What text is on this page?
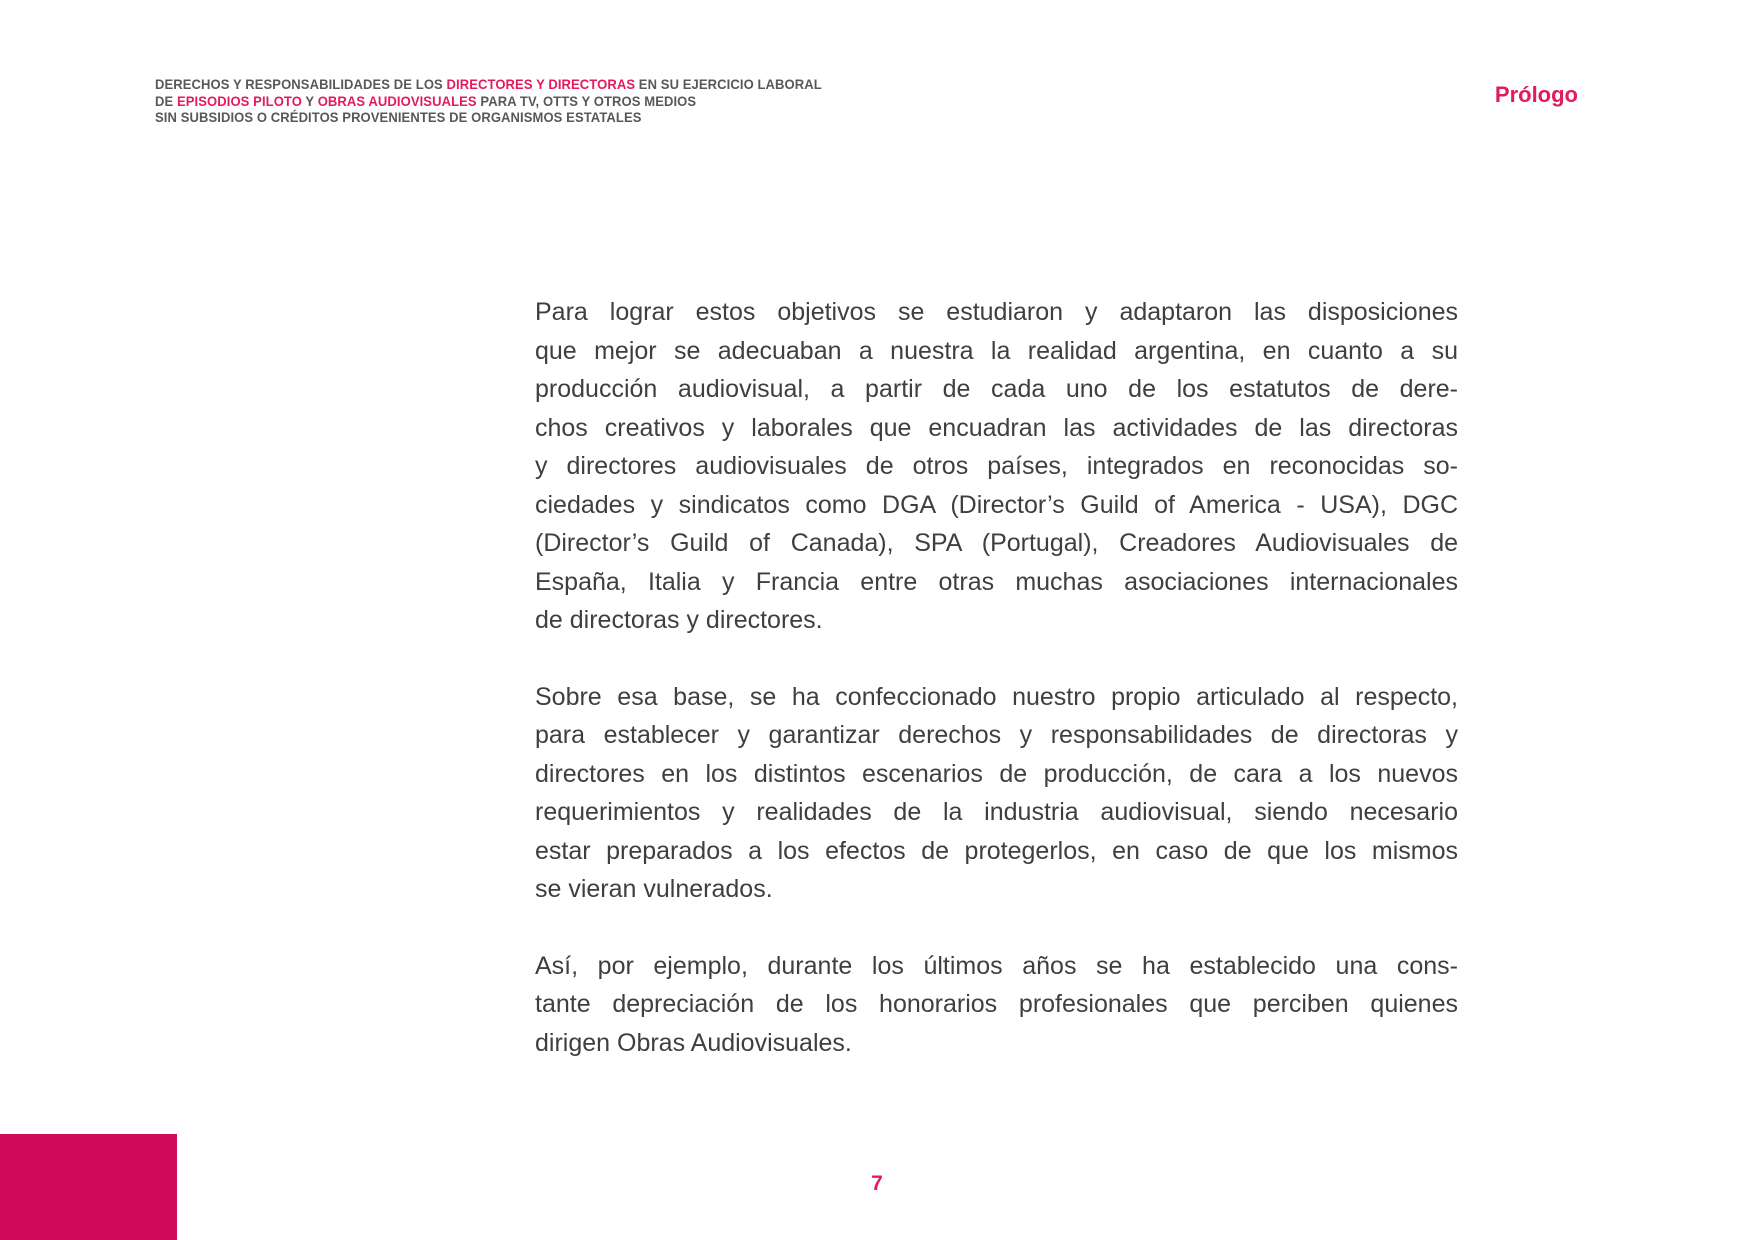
DERECHOS Y RESPONSABILIDADES DE LOS DIRECTORES Y DIRECTORAS EN SU EJERCICIO LABORAL
DE EPISODIOS PILOTO Y OBRAS AUDIOVISUALES PARA TV, OTTS Y OTROS MEDIOS
SIN SUBSIDIOS O CRÉDITOS PROVENIENTES DE ORGANISMOS ESTATALES
Prólogo

Para lograr estos objetivos se estudiaron y adaptaron las disposiciones
que mejor se adecuaban a nuestra la realidad argentina, en cuanto a su
producción audiovisual, a partir de cada uno de los estatutos de dere-
chos creativos y laborales que encuadran las actividades de las directoras
y directores audiovisuales de otros países, integrados en reconocidas so-
ciedades y sindicatos como DGA (Director’s Guild of America - USA), DGC
(Director’s Guild of Canada), SPA (Portugal), Creadores Audiovisuales de
España, Italia y Francia entre otras muchas asociaciones internacionales
de directoras y directores.

Sobre esa base, se ha confeccionado nuestro propio articulado al respecto,
para establecer y garantizar derechos y responsabilidades de directoras y
directores en los distintos escenarios de producción, de cara a los nuevos
requerimientos y realidades de la industria audiovisual, siendo necesario
estar preparados a los efectos de protegerlos, en caso de que los mismos
se vieran vulnerados.

Así, por ejemplo, durante los últimos años se ha establecido una cons-
tante depreciación de los honorarios profesionales que perciben quienes
dirigen Obras Audiovisuales.

7
